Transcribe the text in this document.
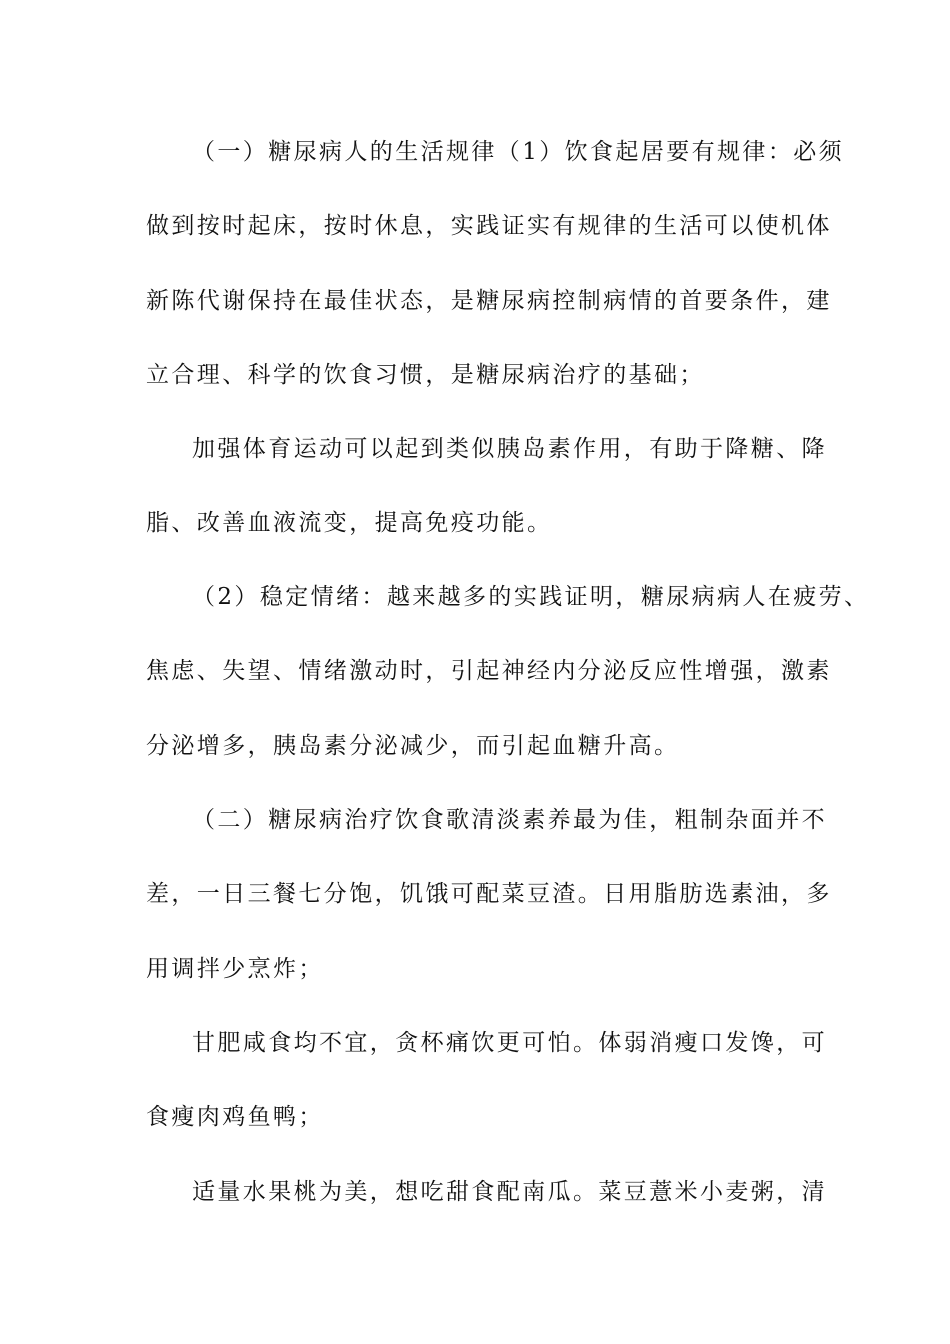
（一）糖尿病人的生活规律（1）饮食起居要有规律：必须
做到按时起床，按时休息，实践证实有规律的生活可以使机体
新陈代谢保持在最佳状态，是糖尿病控制病情的首要条件，建
立合理、科学的饮食习惯，是糖尿病治疗的基础；
加强体育运动可以起到类似胰岛素作用，有助于降糖、降
脂、改善血液流变，提高免疫功能。
（2）稳定情绪：越来越多的实践证明，糖尿病病人在疲劳、
焦虑、失望、情绪激动时，引起神经内分泌反应性增强，激素
分泌增多，胰岛素分泌减少，而引起血糖升高。
（二）糖尿病治疗饮食歌清淡素养最为佳，粗制杂面并不
差，一日三餐七分饱，饥饿可配菜豆渣。日用脂肪选素油，多
用调拌少烹炸；
甘肥咸食均不宜，贪杯痛饮更可怕。体弱消瘦口发馋，可
食瘦肉鸡鱼鸭；
适量水果桃为美，想吃甜食配南瓜。菜豆薏米小麦粥，清
